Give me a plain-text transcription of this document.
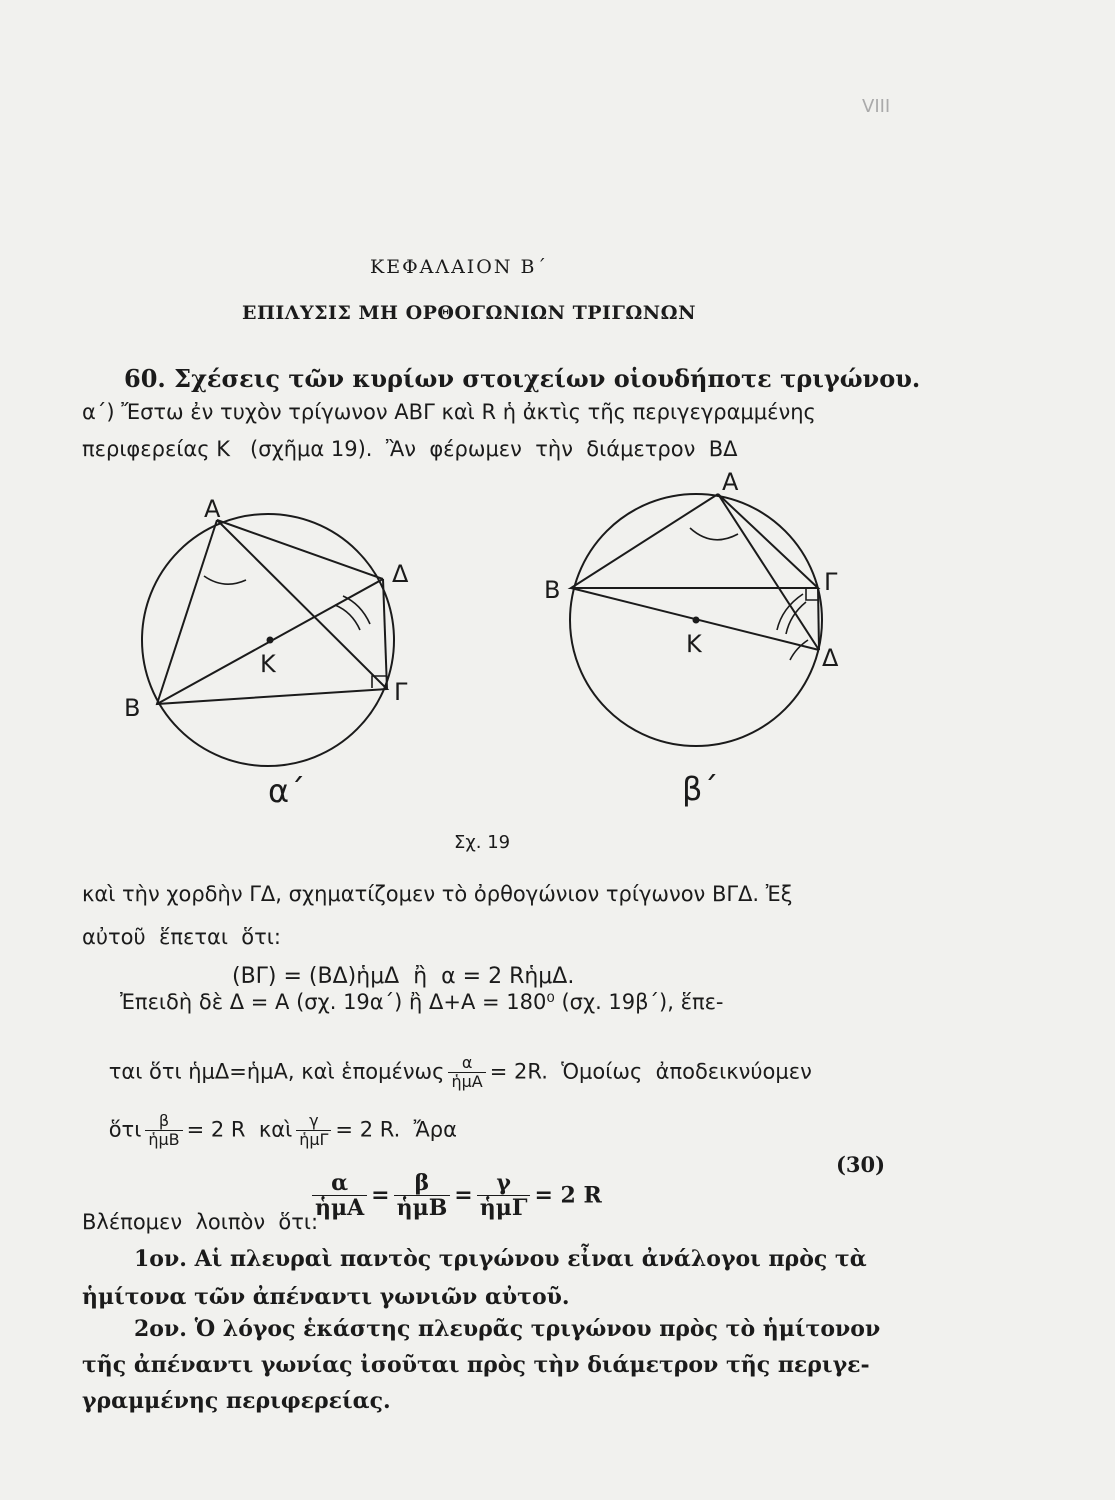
VIII
ΚΕΦΑΛΑΙΟΝ Β΄
ΕΠΙΛΥΣΙΣ ΜΗ ΟΡΘΟΓΩΝΙΩΝ ΤΡΙΓΩΝΩΝ
60. Σχέσεις τῶν κυρίων στοιχείων οἱουδήποτε τριγώνου.
α΄) Ἔστω ἐν τυχὸν τρίγωνον ΑΒΓ καὶ R ἡ ἀκτὶς τῆς περιγεγραμμένης
περιφερείας Κ   (σχῆμα 19).  Ἂν  φέρωμεν  τὴν  διάμετρον  ΒΔ
Α
Β
Γ
Δ
Κ
α΄
Α
Β	Γ
Δ
Κ
β΄
Σχ. 19
καὶ τὴν χορδὴν ΓΔ, σχηματίζομεν τὸ ὀρθογώνιον τρίγωνον ΒΓΔ. Ἐξ
αὐτοῦ  ἕπεται  ὅτι:
(ΒΓ) = (ΒΔ)ἡμΔ  ἢ  α = 2 RἡμΔ.
Ἐπειδὴ δὲ Δ = Α (σχ. 19α΄) ἢ Δ+Α = 180⁰ (σχ. 19β΄), ἕπε-

ται ὅτι ἡμΔ=ἡμΑ, καὶ ἑπομένως $\frac{\alpha}{\text{ἡμΑ}} = 2R$.  Ὁμοίως  ἀποδεικνύομεν

ὅτι $\frac{\beta}{\text{ἡμΒ}} = 2$ R  καὶ $\frac{\gamma}{\text{ἡμΓ}} = 2$ R.  Ἄρα

$\frac{\alpha}{\text{ἡμΑ}} = \frac{\beta}{\text{ἡμΒ}} = \frac{\gamma}{\text{ἡμΓ}} = 2$ R

(30)
Βλέπομεν  λοιπὸν  ὅτι:
1ον. Αἱ πλευραὶ παντὸς τριγώνου εἶναι ἀνάλογοι πρὸς τὰ
ἡμίτονα τῶν ἀπέναντι γωνιῶν αὐτοῦ.
2ον. Ὁ λόγος ἑκάστης πλευρᾶς τριγώνου πρὸς τὸ ἡμίτονον
τῆς ἀπέναντι γωνίας ἰσοῦται πρὸς τὴν διάμετρον τῆς περιγε-
γραμμένης περιφερείας.
